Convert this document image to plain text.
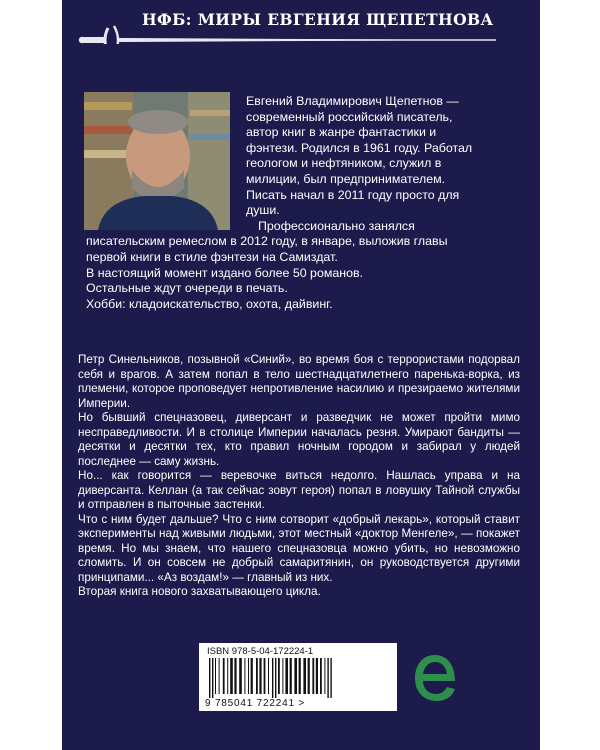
НФБ: МИРЫ ЕВГЕНИЯ ЩЕПЕТНОВА

Евгений Владимирович Щепетнов —

современный российский писатель,

автор книг в жанре фантастики и

фэнтези. Родился в 1961 году. Работал

геологом и нефтяником, служил в

милиции, был предпринимателем.

Писать начал в 2011 году просто для

души.

Профессионально занялся

писательским ремеслом в 2012 году, в январе, выложив главы

первой книги в стиле фэнтези на Самиздат.

В настоящий момент издано более 50 романов.

Остальные ждут очереди в печать.

Хобби: кладоискательство, охота, дайвинг.

Петр Синельников, позывной «Синий», во время боя с террористами подорвал себя и врагов. А затем попал в тело шестнадцатилетнего паренька-ворка, из племени, которое проповедует непротивление насилию и презираемо жителями Империи.

Но бывший спецназовец, диверсант и разведчик не может пройти мимо несправедливости. И в столице Империи началась резня. Умирают бандиты — десятки и десятки тех, кто правил ночным городом и забирал у людей последнее — саму жизнь.

Но... как говорится — веревочке виться недолго. Нашлась управа и на диверсанта. Келлан (а так сейчас зовут героя) попал в ловушку Тайной службы и отправлен в пыточные застенки.

Что с ним будет дальше? Что с ним сотворит «добрый лекарь», который ставит эксперименты над живыми людьми, этот местный «доктор Менгеле», — покажет время. Но мы знаем, что нашего спецназовца можно убить, но невозможно сломить. И он совсем не добрый самаритянин, он руководствуется другими принципами... «Аз воздам!» — главный из них.

Вторая книга нового захватывающего цикла.

ISBN 978-5-04-172224-1
9 785041 722241 >
